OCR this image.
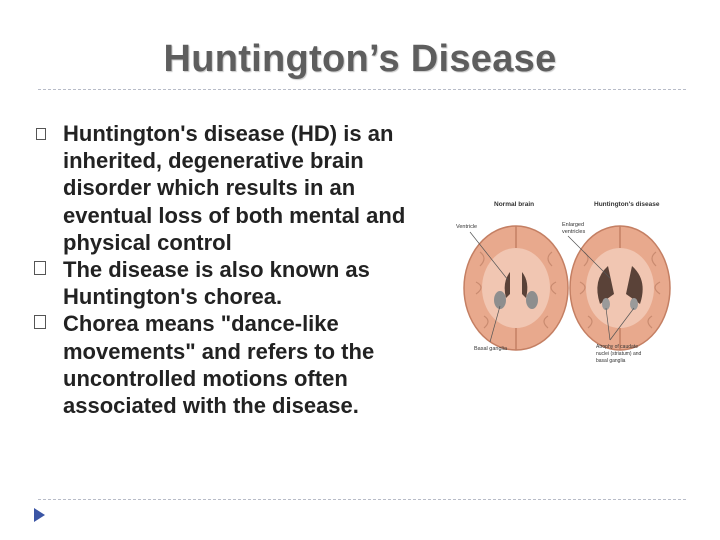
Huntington’s Disease
Huntington's disease (HD) is an inherited, degenerative brain disorder which results in an eventual loss of both mental and physical control
The disease is also known as Huntington's chorea.
Chorea means "dance-like movements" and refers to the uncontrolled motions often associated with the disease.
Normal brain	Huntington's disease
Ventricle	Enlarged
ventricles
Basal ganglia	Atrophy of caudate
nuclei (striatum) and
basal ganglia
